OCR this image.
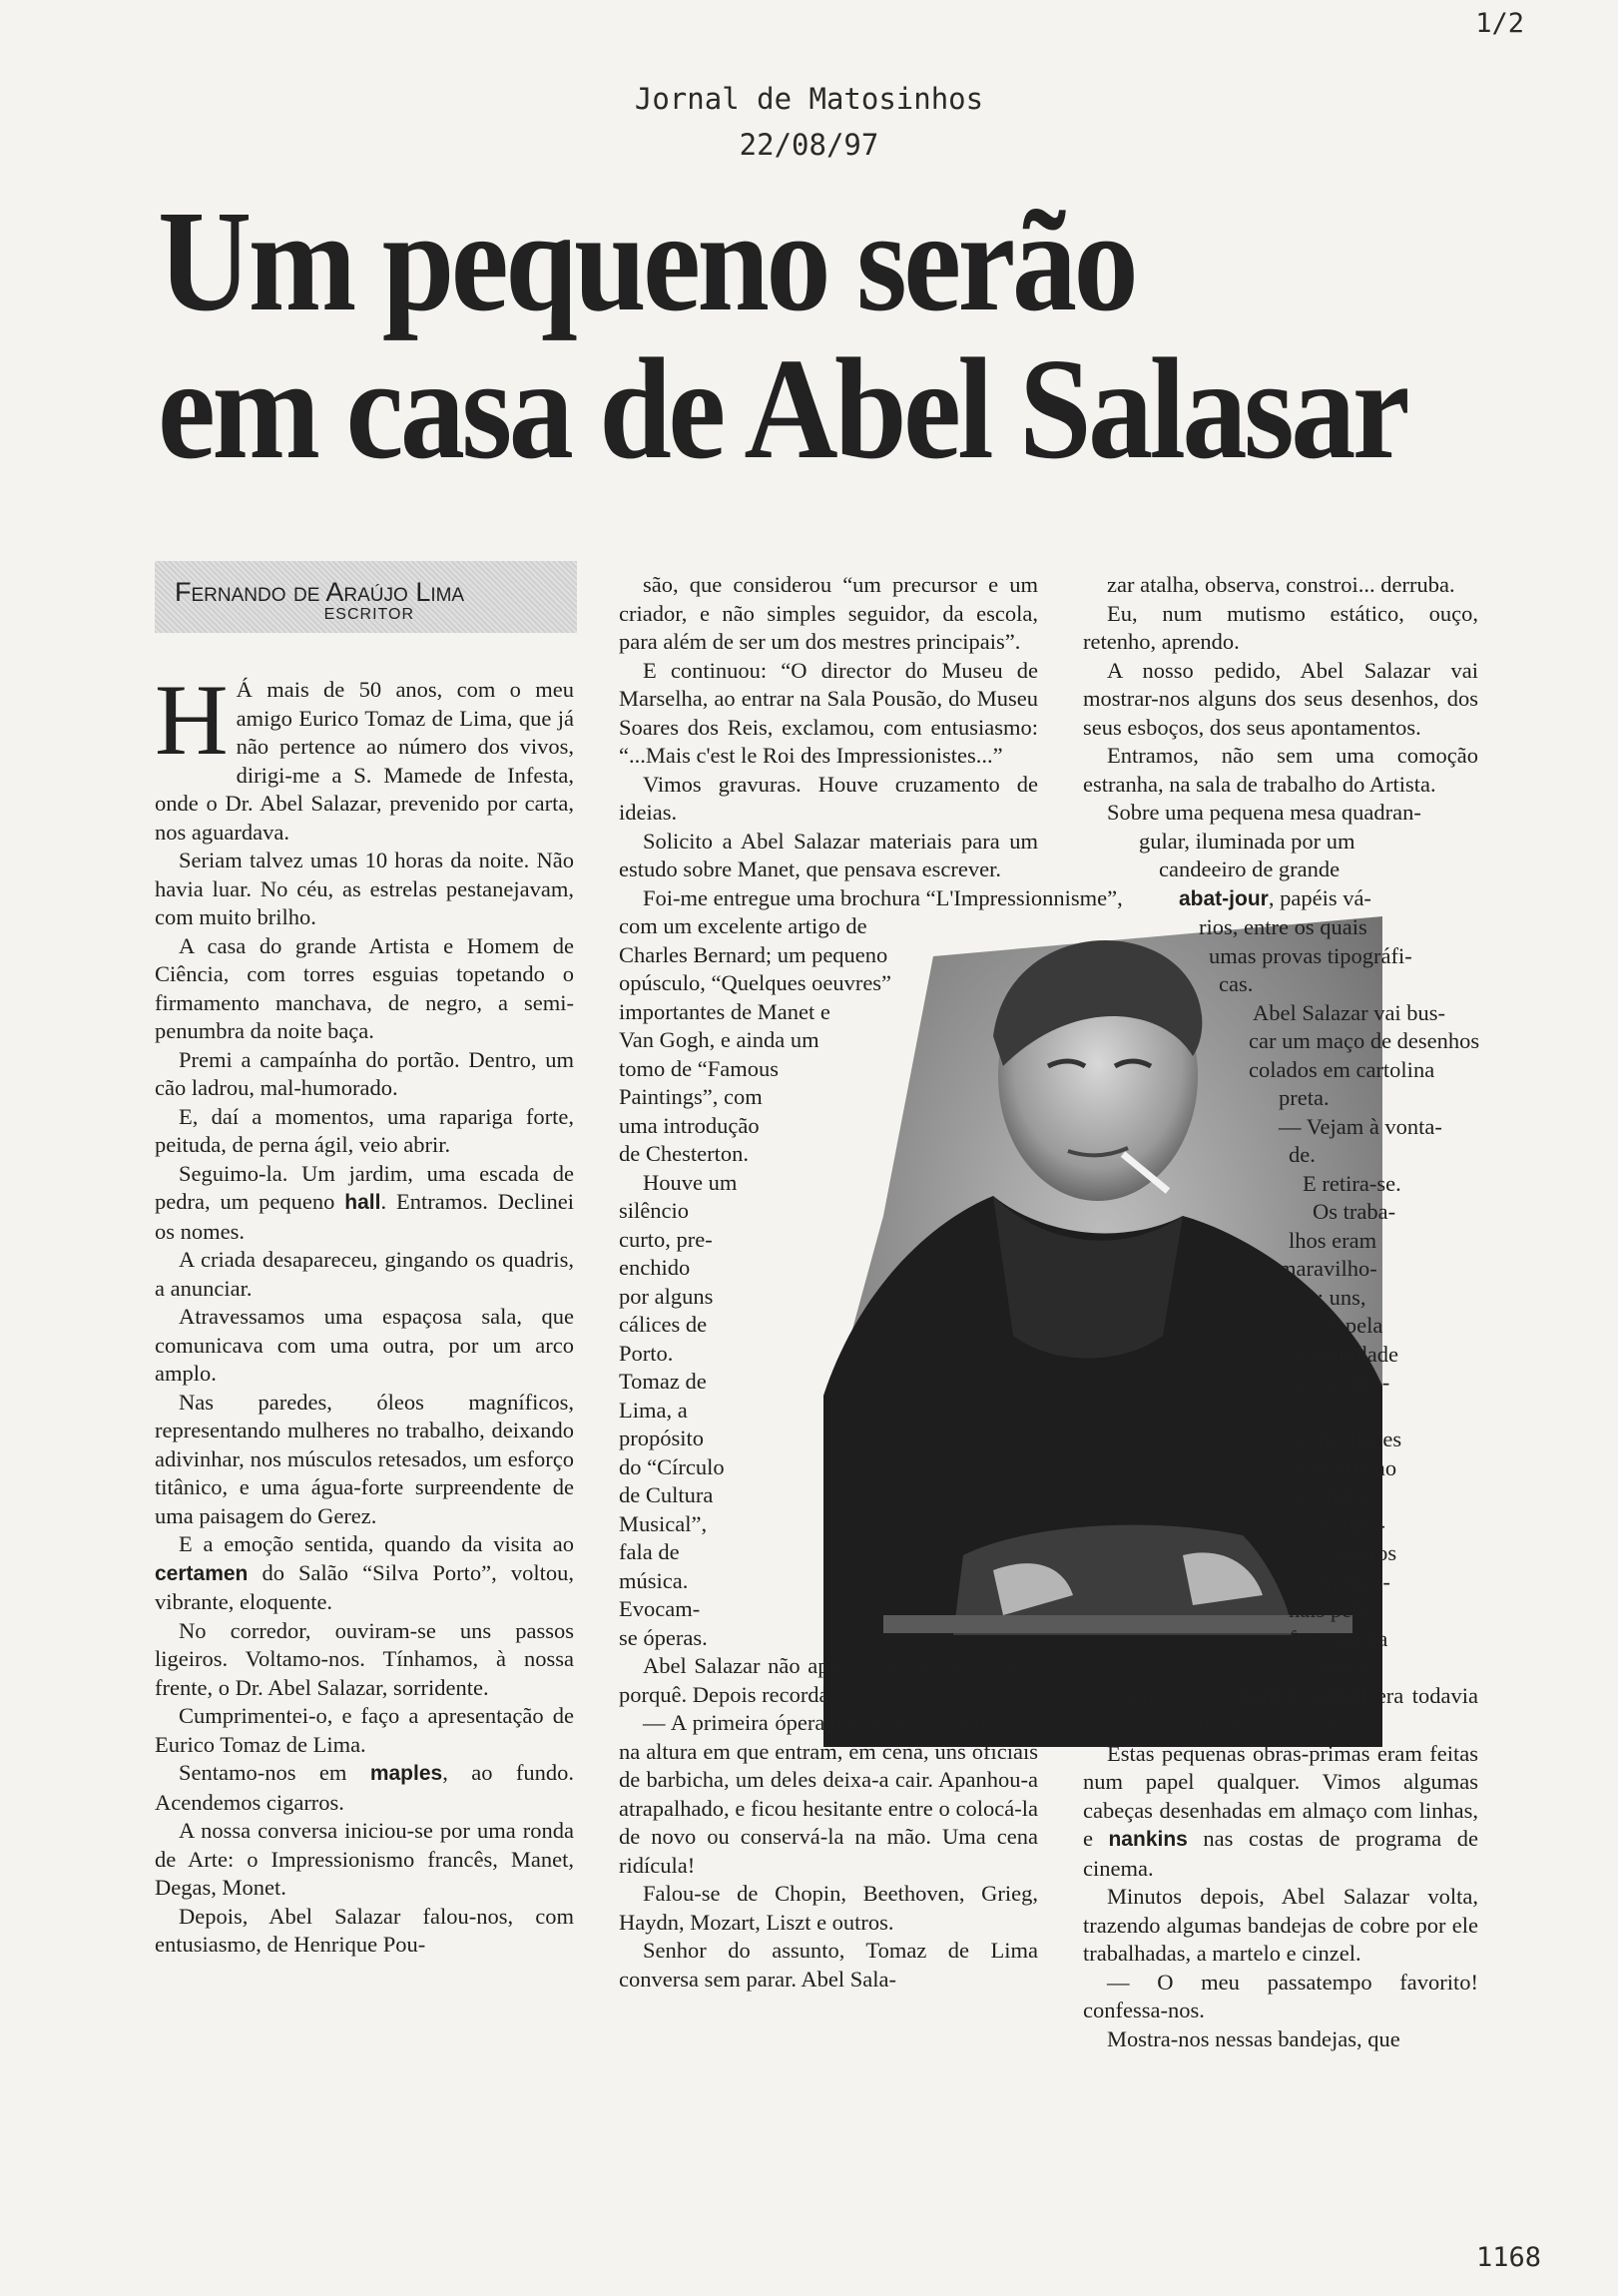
1/2
Jornal de Matosinhos
22/08/97
Um pequeno serão
em casa de Abel Salasar
Fernando de Araújo Lima
ESCRITOR
H Á mais de 50 anos, com o meu amigo Eurico Tomaz de Lima, que já não pertence ao número dos vivos, dirigi-me a S. Mamede de Infesta, onde o Dr. Abel Salazar, prevenido por carta, nos aguardava.

Seriam talvez umas 10 horas da noite. Não havia luar. No céu, as estrelas pestanejavam, com muito brilho.

A casa do grande Artista e Homem de Ciência, com torres esguias topetando o firmamento manchava, de negro, a semi-penumbra da noite baça.

Premi a campaínha do portão. Dentro, um cão ladrou, mal-humorado.

E, daí a momentos, uma rapariga forte, peituda, de perna ágil, veio abrir.

Seguimo-la. Um jardim, uma escada de pedra, um pequeno hall. Entramos. Declinei os nomes.

A criada desapareceu, gingando os quadris, a anunciar.

Atravessamos uma espaçosa sala, que comunicava com uma outra, por um arco amplo.

Nas paredes, óleos magníficos, representando mulheres no trabalho, deixando adivinhar, nos músculos retesados, um esforço titânico, e uma água-forte surpreendente de uma paisagem do Gerez.

E a emoção sentida, quando da visita ao certamen do Salão “Silva Porto”, voltou, vibrante, eloquente.

No corredor, ouviram-se uns passos ligeiros. Voltamo-nos. Tínhamos, à nossa frente, o Dr. Abel Salazar, sorridente.

Cumprimentei-o, e faço a apresentação de Eurico Tomaz de Lima.

Sentamo-nos em maples, ao fundo. Acendemos cigarros.

A nossa conversa iniciou-se por uma ronda de Arte: o Impressionismo francês, Manet, Degas, Monet.

Depois, Abel Salazar falou-nos, com entusiasmo, de Henrique Pou-

são, que considerou “um precursor e um criador, e não simples seguidor, da escola, para além de ser um dos mestres principais”.

E continuou: “O director do Museu de Marselha, ao entrar na Sala Pousão, do Museu Soares dos Reis, exclamou, com entusiasmo: “...Mais c'est le Roi des Impressionistes...”

Vimos gravuras. Houve cruzamento de ideias.

Solicito a Abel Salazar materiais para um estudo sobre Manet, que pensava escrever.

Foi-me entregue uma brochura “L'Impressionnisme”,
com um excelente artigo de
Charles Bernard; um pequeno
opúsculo, “Quelques oeuvres”
importantes de Manet e
Van Gogh, e ainda um
tomo de “Famous
Paintings”, com
uma introdução
de Chesterton.
Houve um
silêncio
curto, pre-
enchido
por alguns
cálices de
Porto.
Tomaz de
Lima, a
propósito
do “Círculo
de Cultura
Musical”,
fala de
música.
Evocam-
se óperas.

Abel Salazar não aprecia óperas. E explica porquê. Depois recorda:

— A primeira ópera que vi foi a “Aida”. E, na altura em que entram, em cena, uns oficiais de barbicha, um deles deixa-a cair. Apanhou-a atrapalhado, e ficou hesitante entre o colocá-la de novo ou conservá-la na mão. Uma cena ridícula!

Falou-se de Chopin, Beethoven, Grieg, Haydn, Mozart, Liszt e outros.

Senhor do assunto, Tomaz de Lima conversa sem parar. Abel Sala-

zar atalha, observa, constroi... derruba.

Eu, num mutismo estático, ouço, retenho, aprendo.

A nosso pedido, Abel Salazar vai mostrar-nos alguns dos seus desenhos, dos seus esboços, dos seus apontamentos.

Entramos, não sem uma comoção estranha, na sala de trabalho do Artista.

Sobre uma pequena mesa quadran-
gular, iluminada por um
candeeiro de grande
abat-jour, papéis vá-
rios, entre os quais
umas provas tipográfi-
cas.
Abel Salazar vai bus-
car um maço de desenhos
colados em cartolina
preta.
— Vejam à vonta-
de.
E retira-se.
Os traba-
lhos eram
maravilho-
sos: uns,
fortes pela
humanidade
que os tim-
brava;
outros doces
pelo lirismo
que deixa-
vam adivi-
nhar; outros
ainda mati-
nais pela
frescura da
primeira

impressão. O cunho social era todavia o traço forte de Abel Salazar.

Estas pequenas obras-primas eram feitas num papel qualquer. Vimos algumas cabeças desenhadas em almaço com linhas, e nankins nas costas de programa de cinema.

Minutos depois, Abel Salazar volta, trazendo algumas bandejas de cobre por ele trabalhadas, a martelo e cinzel.

— O meu passatempo favorito! confessa-nos.

Mostra-nos nessas bandejas, que

1168
